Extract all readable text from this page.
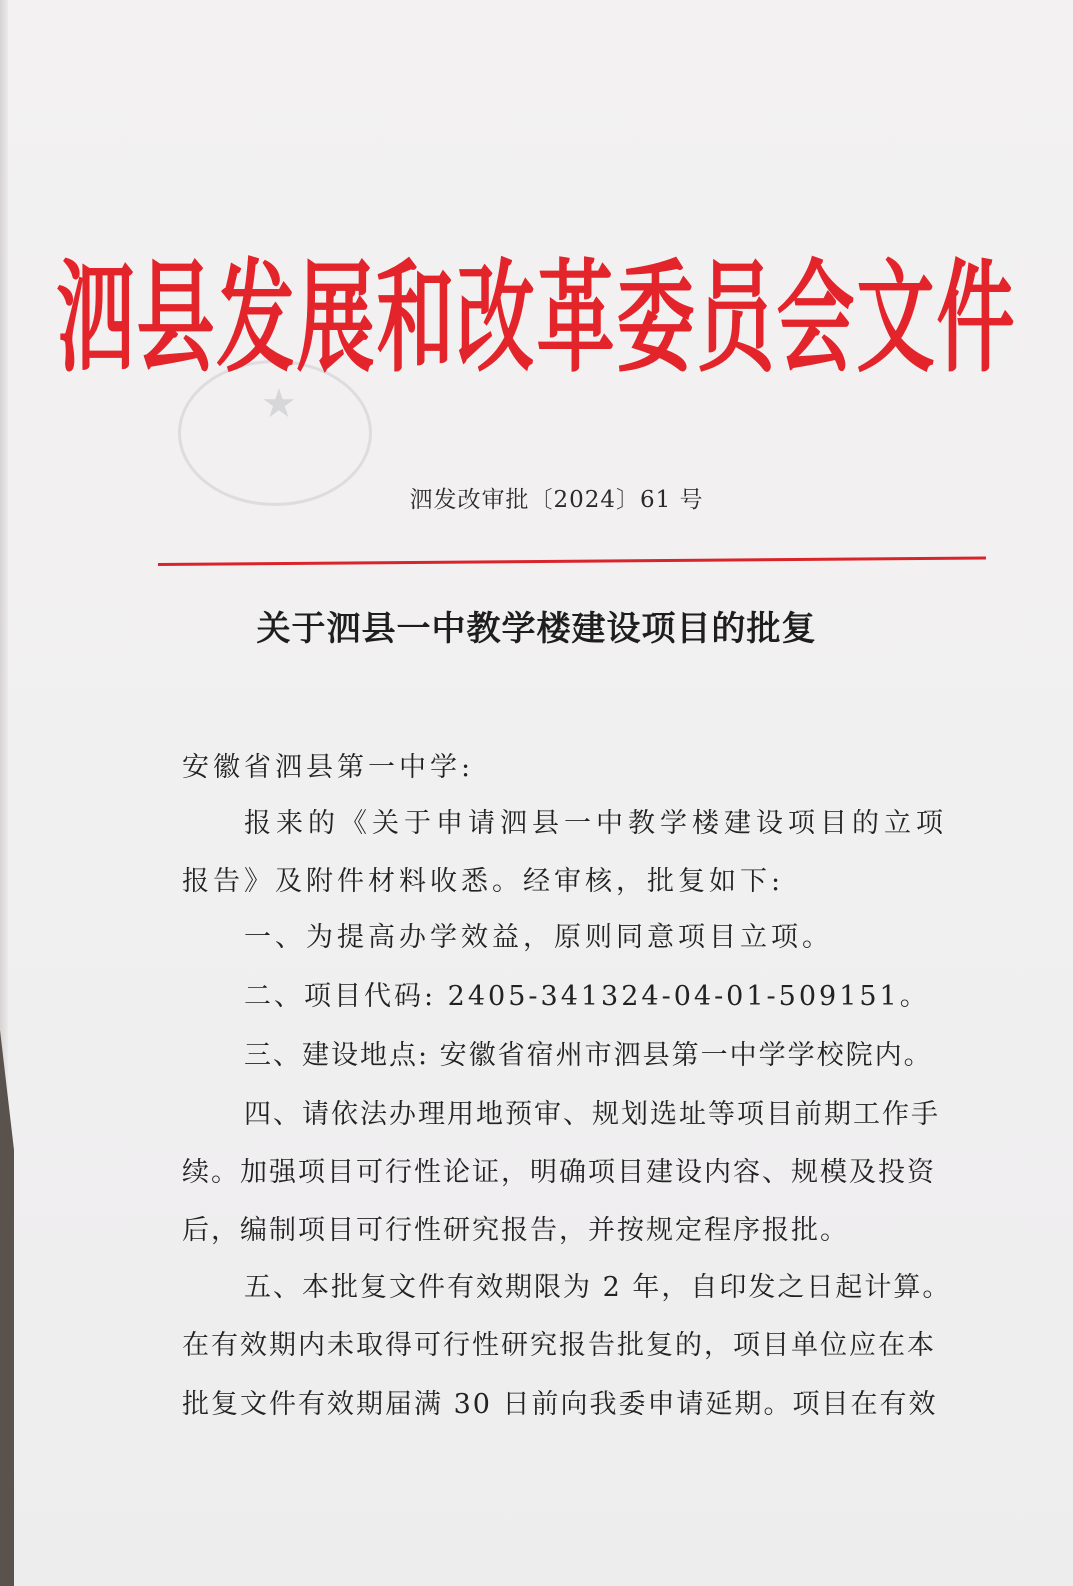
★
泗县发展和改革委员会文件
泗发改审批〔2024〕61 号
关于泗县一中教学楼建设项目的批复
安徽省泗县第一中学:
报来的《关于申请泗县一中教学楼建设项目的立项
报告》及附件材料收悉。经审核，批复如下:
一、为提高办学效益，原则同意项目立项。
二、项目代码: 2405-341324-04-01-509151。
三、建设地点: 安徽省宿州市泗县第一中学学校院内。
四、请依法办理用地预审、规划选址等项目前期工作手
续。加强项目可行性论证，明确项目建设内容、规模及投资
后，编制项目可行性研究报告，并按规定程序报批。
五、本批复文件有效期限为 2 年，自印发之日起计算。
在有效期内未取得可行性研究报告批复的，项目单位应在本
批复文件有效期届满 30 日前向我委申请延期。项目在有效
